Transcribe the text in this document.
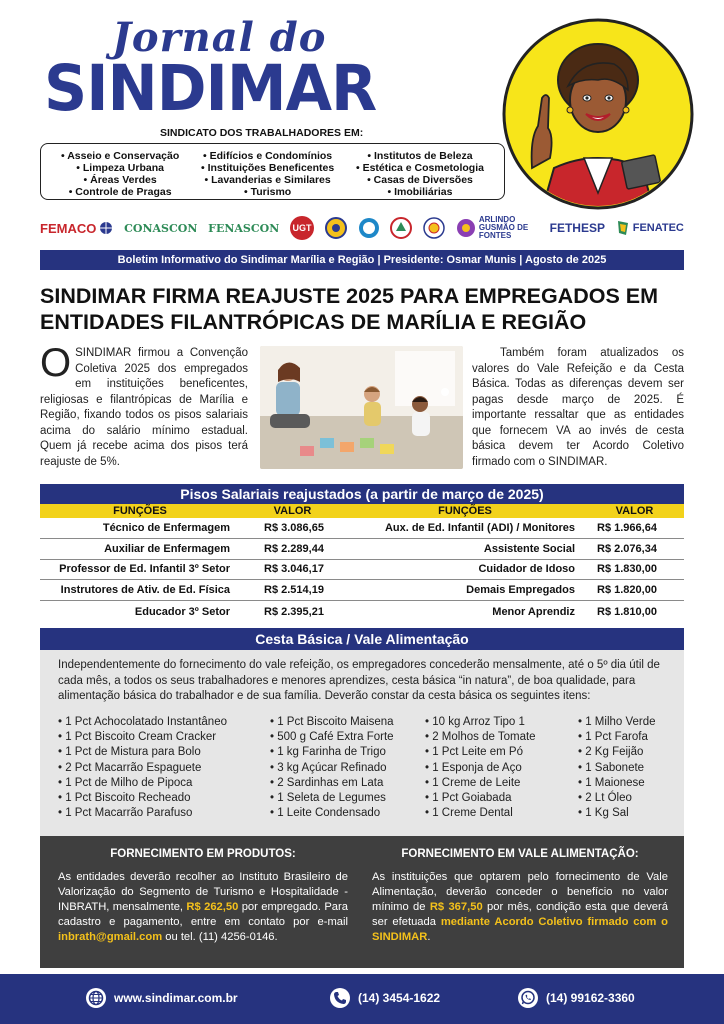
Jornal do
SINDIMAR
SINDICATO DOS TRABALHADORES EM:
• Asseio e Conservação
• Limpeza Urbana
• Áreas Verdes
• Controle de Pragas
• Edifícios e Condomínios
• Instituições Beneficentes
• Lavanderias e Similares
• Turismo
• Institutos de Beleza
• Estética e Cosmetologia
• Casas de Diversões
• Imobiliárias
FEMACO	CONASCON FENASCON UGT
ARLINDO GUSMÃO DE FONTES
FETHESP	FENATEC
Boletim Informativo do Sindimar Marília e Região | Presidente: Osmar Munis | Agosto de 2025
SINDIMAR FIRMA REAJUSTE 2025 PARA EMPREGADOS EM ENTIDADES FILANTRÓPICAS DE MARÍLIA E REGIÃO
OSINDIMAR firmou a Convenção Coletiva 2025 dos empregados em instituições beneficentes, religiosas e filantrópicas de Marília e Região, fixando todos os pisos salariais acima do salário mínimo estadual. Quem já recebe acima dos pisos terá reajuste de 5%.
Também foram atualizados os valores do Vale Refeição e da Cesta Básica. Todas as diferenças devem ser pagas desde março de 2025. É importante ressaltar que as entidades que fornecem VA ao invés de cesta básica devem ter Acordo Coletivo firmado com o SINDIMAR.
Pisos Salariais reajustados (a partir de março de 2025)
FUNÇÕES	VALOR	FUNÇÕES	VALOR
Técnico de Enfermagem	R$ 3.086,65	Aux. de Ed. Infantil (ADI) / Monitores	R$ 1.966,64
Auxiliar de Enfermagem	R$ 2.289,44	Assistente Social	R$ 2.076,34
Professor de Ed. Infantil 3º Setor	R$ 3.046,17	Cuidador de Idoso	R$ 1.830,00
Instrutores de Ativ. de Ed. Física	R$ 2.514,19	Demais Empregados	R$ 1.820,00
Educador 3º Setor	R$ 2.395,21	Menor Aprendiz	R$ 1.810,00
Cesta Básica / Vale Alimentação

Independentemente do fornecimento do vale refeição, os empregadores concederão mensalmente, até o 5º dia útil de cada mês, a todos os seus trabalhadores e menores aprendizes, cesta básica “in natura”, de boa qualidade, para alimentação básica do trabalhador e de sua família. Deverão constar da cesta básica os seguintes itens:

• 1 Pct Achocolatado Instantâneo
• 1 Pct Biscoito Cream Cracker
• 1 Pct de Mistura para Bolo
• 2 Pct Macarrão Espaguete
• 1 Pct de Milho de Pipoca
• 1 Pct Biscoito Recheado
• 1 Pct Macarrão Parafuso
• 1 Pct Biscoito Maisena
• 500 g Café Extra Forte
• 1 kg Farinha de Trigo
• 3 kg Açúcar Refinado
• 2 Sardinhas em Lata
• 1 Seleta de Legumes
• 1 Leite Condensado
• 10 kg Arroz Tipo 1
• 2 Molhos de Tomate
• 1 Pct Leite em Pó
• 1 Esponja de Aço
• 1 Creme de Leite
• 1 Pct Goiabada
• 1 Creme Dental
• 1 Milho Verde
• 1 Pct Farofa
• 2 Kg Feijão
• 1 Sabonete
• 1 Maionese
• 2 Lt Óleo
• 1 Kg Sal
FORNECIMENTO EM PRODUTOS:

As entidades deverão recolher ao Instituto Brasileiro de Valorização do Segmento de Turismo e Hospitalidade - INBRATH, mensalmente, R$ 262,50 por empregado. Para cadastro e pagamento, entre em contato por e-mail inbrath@gmail.com ou tel. (11) 4256-0146.

FORNECIMENTO EM VALE ALIMENTAÇÃO:

As instituições que optarem pelo fornecimento de Vale Alimentação, deverão conceder o benefício no valor mínimo de R$ 367,50 por mês, condição esta que deverá ser efetuada mediante Acordo Coletivo firmado com o SINDIMAR.

www.sindimar.com.br	(14) 3454-1622	(14) 99162-3360
